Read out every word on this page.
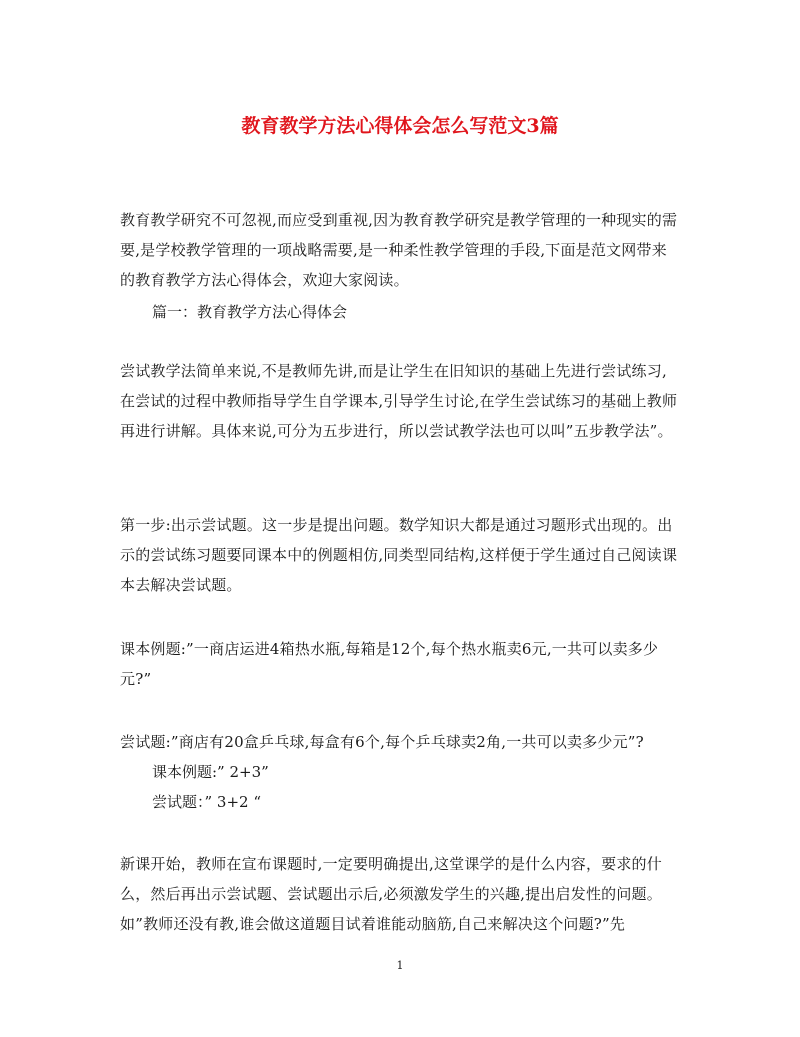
教育教学方法心得体会怎么写范文3篇

教育教学研究不可忽视,而应受到重视,因为教育教学研究是教学管理的一种现实的需要,是学校教学管理的一项战略需要,是一种柔性教学管理的手段,下面是范文网带来的教育教学方法心得体会，欢迎大家阅读。

篇一：教育教学方法心得体会

尝试教学法简单来说,不是教师先讲,而是让学生在旧知识的基础上先进行尝试练习,在尝试的过程中教师指导学生自学课本,引导学生讨论,在学生尝试练习的基础上教师再进行讲解。具体来说,可分为五步进行，所以尝试教学法也可以叫”五步教学法”。

第一步:出示尝试题。这一步是提出问题。数学知识大都是通过习题形式出现的。出示的尝试练习题要同课本中的例题相仿,同类型同结构,这样便于学生通过自己阅读课本去解决尝试题。

课本例题:”一商店运进4箱热水瓶,每箱是12个,每个热水瓶卖6元,一共可以卖多少元?”

尝试题:”商店有20盒乒乓球,每盒有6个,每个乒乓球卖2角,一共可以卖多少元”?

课本例题:” 2+3”

尝试题：” 3+2 “

新课开始，教师在宣布课题时,一定要明确提出,这堂课学的是什么内容，要求的什么，然后再出示尝试题、尝试题出示后,必须激发学生的兴趣,提出启发性的问题。如”教师还没有教,谁会做这道题目试着谁能动脑筋,自己来解决这个问题?”先

1
